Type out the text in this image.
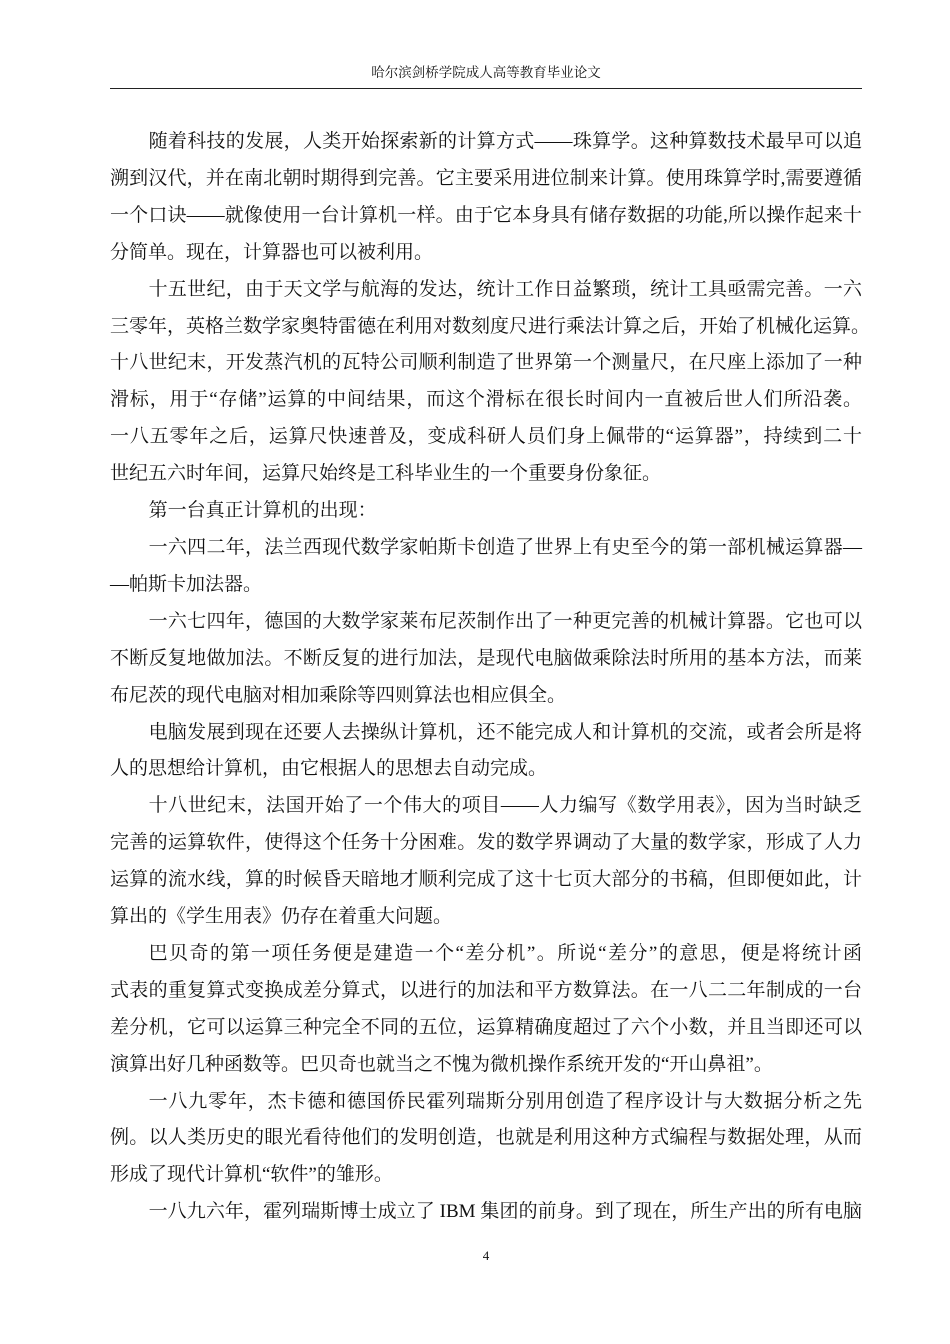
哈尔滨剑桥学院成人高等教育毕业论文
随着科技的发展，人类开始探索新的计算方式——珠算学。这种算数技术最早可以追
溯到汉代，并在南北朝时期得到完善。它主要采用进位制来计算。使用珠算学时,需要遵循
一个口诀——就像使用一台计算机一样。由于它本身具有储存数据的功能,所以操作起来十
分简单。现在，计算器也可以被利用。
十五世纪，由于天文学与航海的发达，统计工作日益繁琐，统计工具亟需完善。一六
三零年，英格兰数学家奥特雷德在利用对数刻度尺进行乘法计算之后，开始了机械化运算。
十八世纪末，开发蒸汽机的瓦特公司顺利制造了世界第一个测量尺，在尺座上添加了一种
滑标，用于“存储”运算的中间结果，而这个滑标在很长时间内一直被后世人们所沿袭。
一八五零年之后，运算尺快速普及，变成科研人员们身上佩带的“运算器”，持续到二十
世纪五六时年间，运算尺始终是工科毕业生的一个重要身份象征。
第一台真正计算机的出现：
一六四二年，法兰西现代数学家帕斯卡创造了世界上有史至今的第一部机械运算器—
—帕斯卡加法器。
一六七四年，德国的大数学家莱布尼茨制作出了一种更完善的机械计算器。它也可以
不断反复地做加法。不断反复的进行加法，是现代电脑做乘除法时所用的基本方法，而莱
布尼茨的现代电脑对相加乘除等四则算法也相应俱全。
电脑发展到现在还要人去操纵计算机，还不能完成人和计算机的交流，或者会所是将
人的思想给计算机，由它根据人的思想去自动完成。
十八世纪末，法国开始了一个伟大的项目——人力编写《数学用表》，因为当时缺乏
完善的运算软件，使得这个任务十分困难。发的数学界调动了大量的数学家，形成了人力
运算的流水线，算的时候昏天暗地才顺利完成了这十七页大部分的书稿，但即便如此，计
算出的《学生用表》仍存在着重大问题。
巴贝奇的第一项任务便是建造一个“差分机”。所说“差分”的意思，便是将统计函
式表的重复算式变换成差分算式，以进行的加法和平方数算法。在一八二二年制成的一台
差分机，它可以运算三种完全不同的五位，运算精确度超过了六个小数，并且当即还可以
演算出好几种函数等。巴贝奇也就当之不愧为微机操作系统开发的“开山鼻祖”。
一八九零年，杰卡德和德国侨民霍列瑞斯分别用创造了程序设计与大数据分析之先
例。以人类历史的眼光看待他们的发明创造，也就是利用这种方式编程与数据处理，从而
形成了现代计算机“软件”的雏形。
一八九六年，霍列瑞斯博士成立了 IBM 集团的前身。到了现在，所生产出的所有电脑
4
